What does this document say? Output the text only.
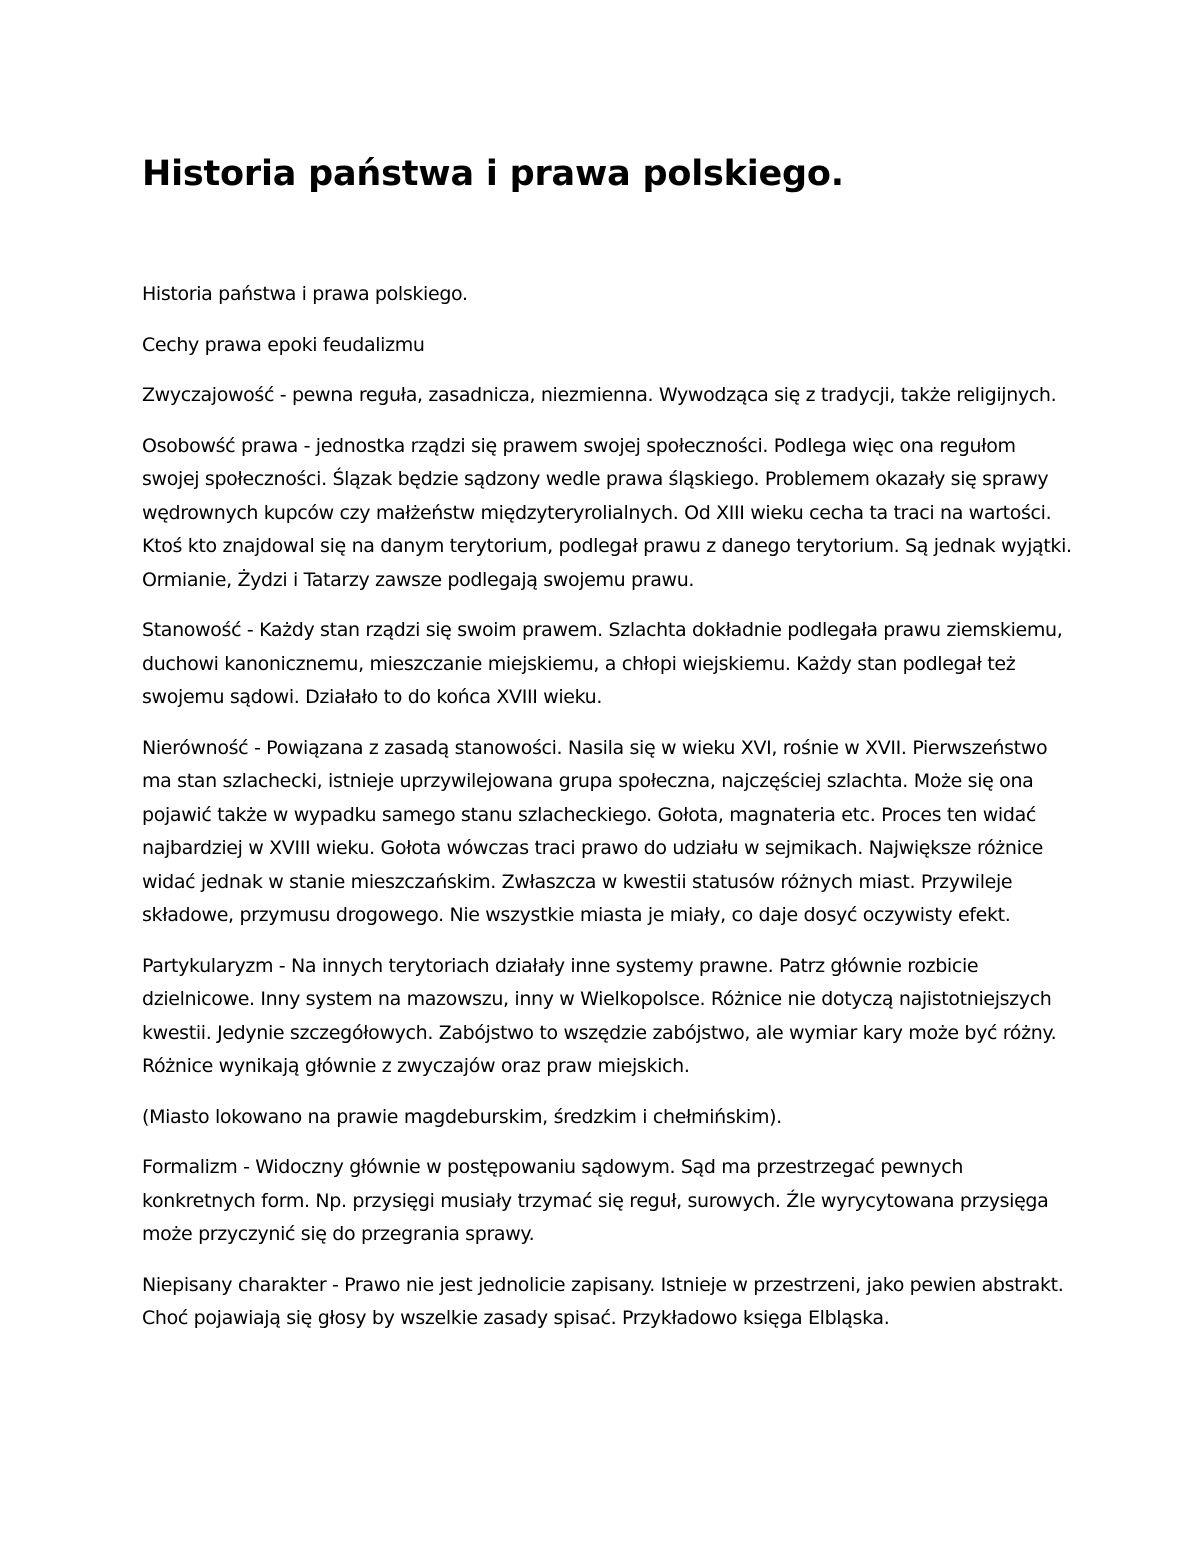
Historia państwa i prawa polskiego.

Historia państwa i prawa polskiego.

Cechy prawa epoki feudalizmu

Zwyczajowość - pewna reguła, zasadnicza, niezmienna. Wywodząca się z tradycji, także religijnych.

Osobowść prawa - jednostka rządzi się prawem swojej społeczności. Podlega więc ona regułom swojej społeczności. Ślązak będzie sądzony wedle prawa śląskiego. Problemem okazały się sprawy wędrownych kupców czy małżeństw międzyteryrolialnych. Od XIII wieku cecha ta traci na wartości. Ktoś kto znajdowal się na danym terytorium, podlegał prawu z danego terytorium. Są jednak wyjątki. Ormianie, Żydzi i Tatarzy zawsze podlegają swojemu prawu.

Stanowość - Każdy stan rządzi się swoim prawem. Szlachta dokładnie podlegała prawu ziemskiemu, duchowi kanonicznemu, mieszczanie miejskiemu, a chłopi wiejskiemu. Każdy stan podlegał też swojemu sądowi. Działało to do końca XVIII wieku.

Nierówność - Powiązana z zasadą stanowości. Nasila się w wieku XVI, rośnie w XVII. Pierwszeństwo ma stan szlachecki, istnieje uprzywilejowana grupa społeczna, najczęściej szlachta. Może się ona pojawić także w wypadku samego stanu szlacheckiego. Gołota, magnateria etc. Proces ten widać najbardziej w XVIII wieku. Gołota wówczas traci prawo do udziału w sejmikach. Największe różnice widać jednak w stanie mieszczańskim. Zwłaszcza w kwestii statusów różnych miast. Przywileje składowe, przymusu drogowego. Nie wszystkie miasta je miały, co daje dosyć oczywisty efekt.

Partykularyzm - Na innych terytoriach działały inne systemy prawne. Patrz głównie rozbicie dzielnicowe. Inny system na mazowszu, inny w Wielkopolsce. Różnice nie dotyczą najistotniejszych kwestii. Jedynie szczegółowych. Zabójstwo to wszędzie zabójstwo, ale wymiar kary może być różny. Różnice wynikają głównie z zwyczajów oraz praw miejskich.

(Miasto lokowano na prawie magdeburskim, średzkim i chełmińskim).

Formalizm - Widoczny głównie w postępowaniu sądowym. Sąd ma przestrzegać pewnych konkretnych form. Np. przysięgi musiały trzymać się reguł, surowych. Źle wyrycytowana przysięga może przyczynić się do przegrania sprawy.

Niepisany charakter - Prawo nie jest jednolicie zapisany. Istnieje w przestrzeni, jako pewien abstrakt. Choć pojawiają się głosy by wszelkie zasady spisać. Przykładowo księga Elbląska.
